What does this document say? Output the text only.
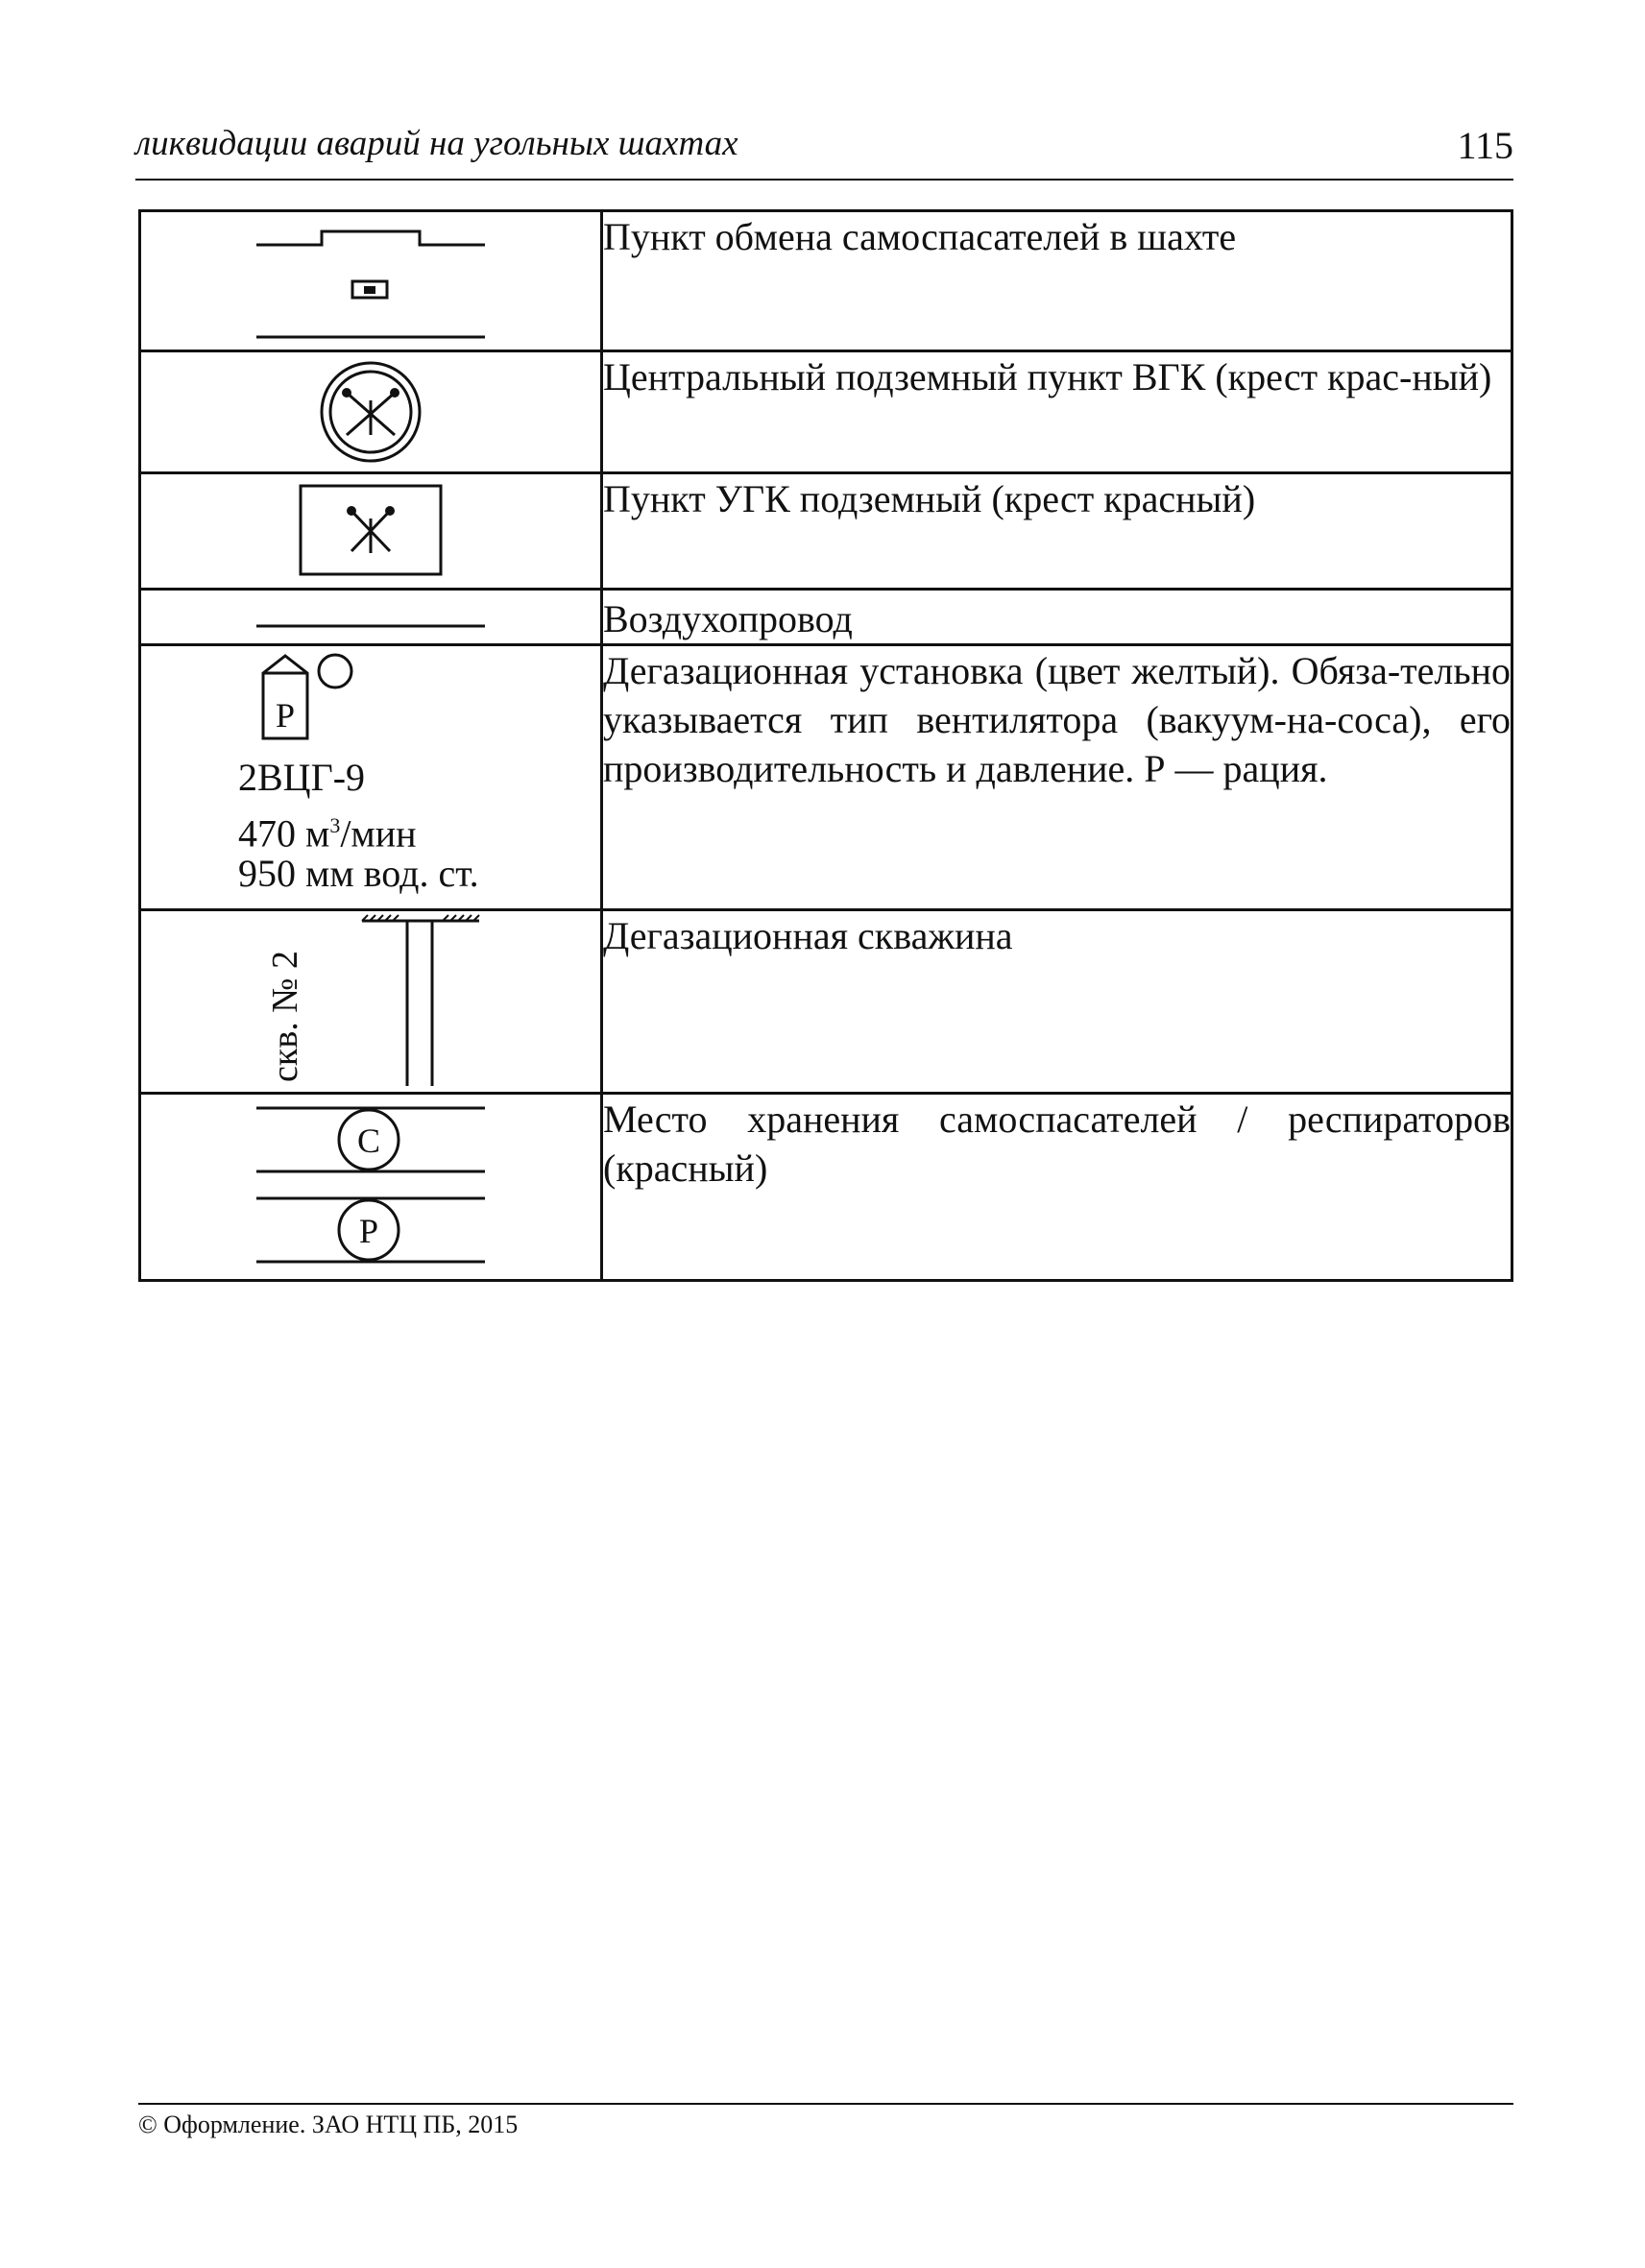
ликвидации аварий на угольных шахтах	115
	Пункт обмена самоспасателей в шахте

	Центральный подземный пункт ВГК (крест крас-ный)

	Пункт УГК подземный (крест красный)

	Воздухопровод

Р
2ВЦГ-9
470 $м^3$/мин
950 мм вод. ст.	Дегазационная установка (цвет желтый). Обяза-тельно указывается тип вентилятора (вакуум-на-соса), его производительность и давление. Р — рация.

скв. № 2	Дегазационная скважина

С
Р	Место хранения самоспасателей / респираторов (красный)
© Оформление. ЗАО НТЦ ПБ, 2015
